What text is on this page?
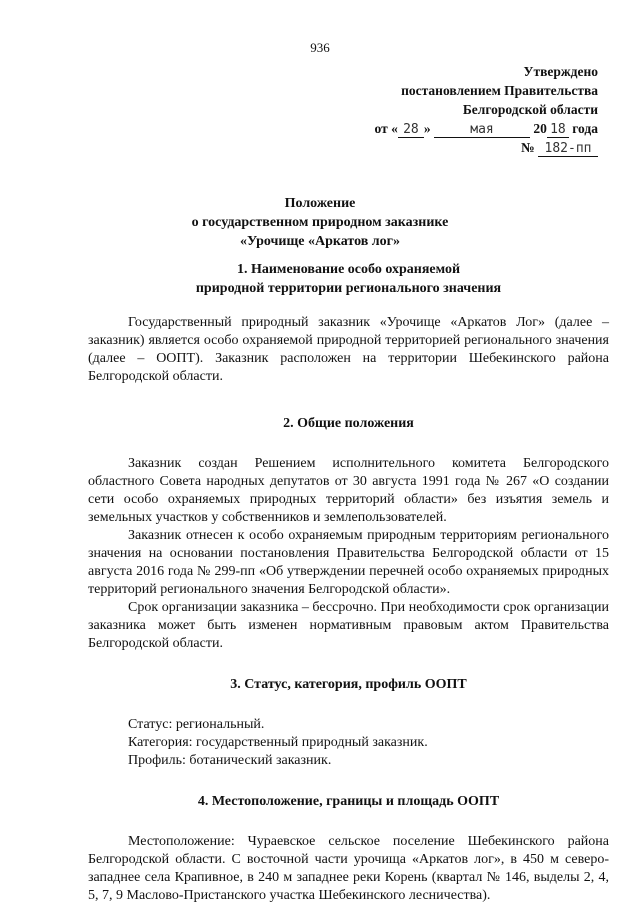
936
Утверждено
постановлением Правительства
Белгородской области
от « 28 »	мая	20 18 года
№ 182-пп
Положение
о государственном природном заказнике
«Урочище «Аркатов лог»
1. Наименование особо охраняемой
природной территории регионального значения

Государственный природный заказник «Урочище «Аркатов Лог» (далее – заказник) является особо охраняемой природной территорией регионального значения (далее – ООПТ). Заказник расположен на территории Шебекинского района Белгородской области.

2. Общие положения

Заказник создан Решением исполнительного комитета Белгородского областного Совета народных депутатов от 30 августа 1991 года № 267 «О создании сети особо охраняемых природных территорий области» без изъятия земель и земельных участков у собственников и землепользователей.

Заказник отнесен к особо охраняемым природным территориям регионального значения на основании постановления Правительства Белгородской области от 15 августа 2016 года № 299-пп «Об утверждении перечней особо охраняемых природных территорий регионального значения Белгородской области».

Срок организации заказника – бессрочно. При необходимости срок организации заказника может быть изменен нормативным правовым актом Правительства Белгородской области.

3. Статус, категория, профиль ООПТ

Статус: региональный.

Категория: государственный природный заказник.

Профиль: ботанический заказник.

4. Местоположение, границы и площадь ООПТ

Местоположение: Чураевское сельское поселение Шебекинского района Белгородской области. С восточной части урочища «Аркатов лог», в 450 м северо-западнее села Крапивное, в 240 м западнее реки Корень (квартал № 146, выделы 2, 4, 5, 7, 9 Маслово-Пристанского участка Шебекинского лесничества).
